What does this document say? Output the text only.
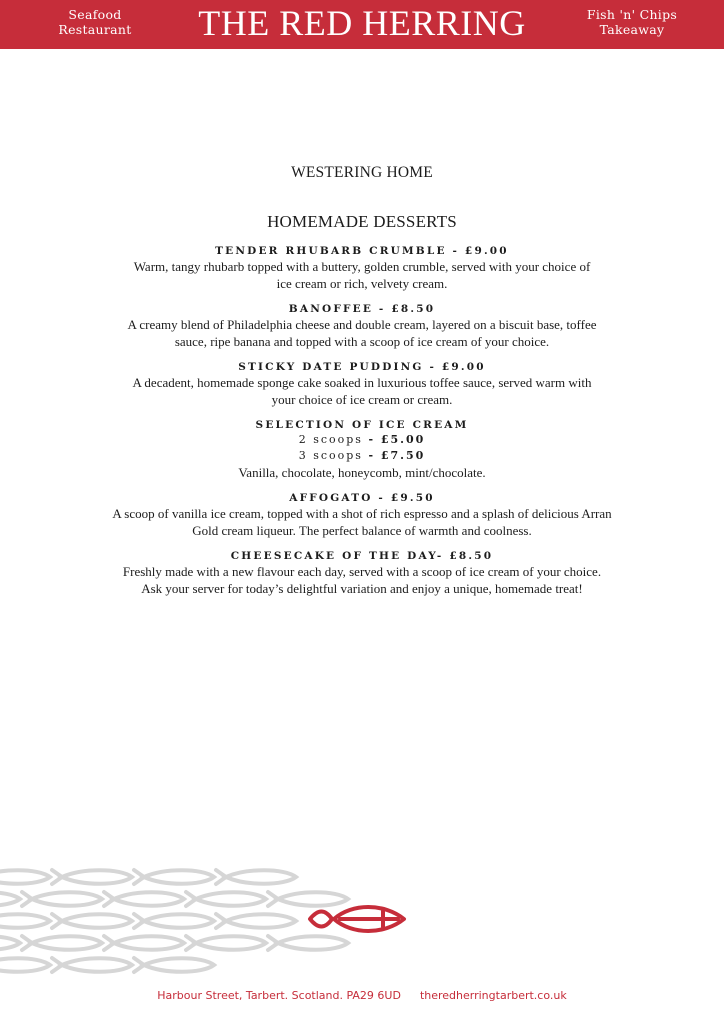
Seafood
Restaurant	THE RED HERRING	Fish 'n' Chips
Takeaway
WESTERING HOME
HOMEMADE DESSERTS
TENDER RHUBARB CRUMBLE - £9.00
Warm, tangy rhubarb topped with a buttery, golden crumble, served with your choice of
ice cream or rich, velvety cream.
BANOFFEE - £8.50
A creamy blend of Philadelphia cheese and double cream, layered on a biscuit base, toffee
sauce, ripe banana and topped with a scoop of ice cream of your choice.
STICKY DATE PUDDING - £9.00
A decadent, homemade sponge cake soaked in luxurious toffee sauce, served warm with
your choice of ice cream or cream.
SELECTION OF ICE CREAM
2 scoops - £5.00
3 scoops - £7.50
Vanilla, chocolate, honeycomb, mint/chocolate.
AFFOGATO - £9.50
A scoop of vanilla ice cream, topped with a shot of rich espresso and a splash of delicious Arran
Gold cream liqueur. The perfect balance of warmth and coolness.
CHEESECAKE OF THE DAY- £8.50
Freshly made with a new flavour each day, served with a scoop of ice cream of your choice.
Ask your server for today’s delightful variation and enjoy a unique, homemade treat!
Harbour Street, Tarbert. Scotland. PA29 6UD theredherringtarbert.co.uk
